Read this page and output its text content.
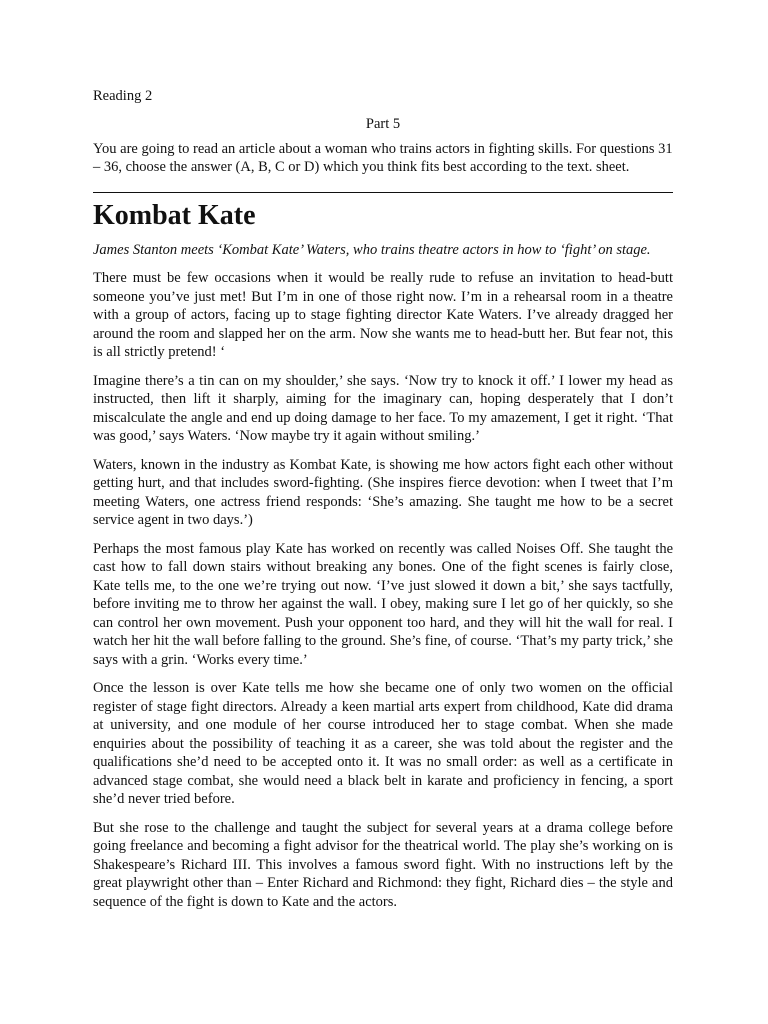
Reading 2

Part 5

You are going to read an article about a woman who trains actors in fighting skills. For questions 31 – 36, choose the answer (A, B, C or D) which you think fits best according to the text. sheet.

Kombat Kate

James Stanton meets ‘Kombat Kate’ Waters, who trains theatre actors in how to ‘fight’ on stage.

There must be few occasions when it would be really rude to refuse an invitation to head-butt someone you’ve just met! But I’m in one of those right now. I’m in a rehearsal room in a theatre with a group of actors, facing up to stage fighting director Kate Waters. I’ve already dragged her around the room and slapped her on the arm. Now she wants me to head-butt her. But fear not, this is all strictly pretend! ‘

Imagine there’s a tin can on my shoulder,’ she says. ‘Now try to knock it off.’ I lower my head as instructed, then lift it sharply, aiming for the imaginary can, hoping desperately that I don’t miscalculate the angle and end up doing damage to her face. To my amazement, I get it right. ‘That was good,’ says Waters. ‘Now maybe try it again without smiling.’

Waters, known in the industry as Kombat Kate, is showing me how actors fight each other without getting hurt, and that includes sword-fighting. (She inspires fierce devotion: when I tweet that I’m meeting Waters, one actress friend responds: ‘She’s amazing. She taught me how to be a secret service agent in two days.’)

Perhaps the most famous play Kate has worked on recently was called Noises Off. She taught the cast how to fall down stairs without breaking any bones. One of the fight scenes is fairly close, Kate tells me, to the one we’re trying out now. ‘I’ve just slowed it down a bit,’ she says tactfully, before inviting me to throw her against the wall. I obey, making sure I let go of her quickly, so she can control her own movement. Push your opponent too hard, and they will hit the wall for real. I watch her hit the wall before falling to the ground. She’s fine, of course. ‘That’s my party trick,’ she says with a grin. ‘Works every time.’

Once the lesson is over Kate tells me how she became one of only two women on the official register of stage fight directors. Already a keen martial arts expert from childhood, Kate did drama at university, and one module of her course introduced her to stage combat. When she made enquiries about the possibility of teaching it as a career, she was told about the register and the qualifications she’d need to be accepted onto it. It was no small order: as well as a certificate in advanced stage combat, she would need a black belt in karate and proficiency in fencing, a sport she’d never tried before.

But she rose to the challenge and taught the subject for several years at a drama college before going freelance and becoming a fight advisor for the theatrical world. The play she’s working on is Shakespeare’s Richard III. This involves a famous sword fight. With no instructions left by the great playwright other than – Enter Richard and Richmond: they fight, Richard dies – the style and sequence of the fight is down to Kate and the actors.
